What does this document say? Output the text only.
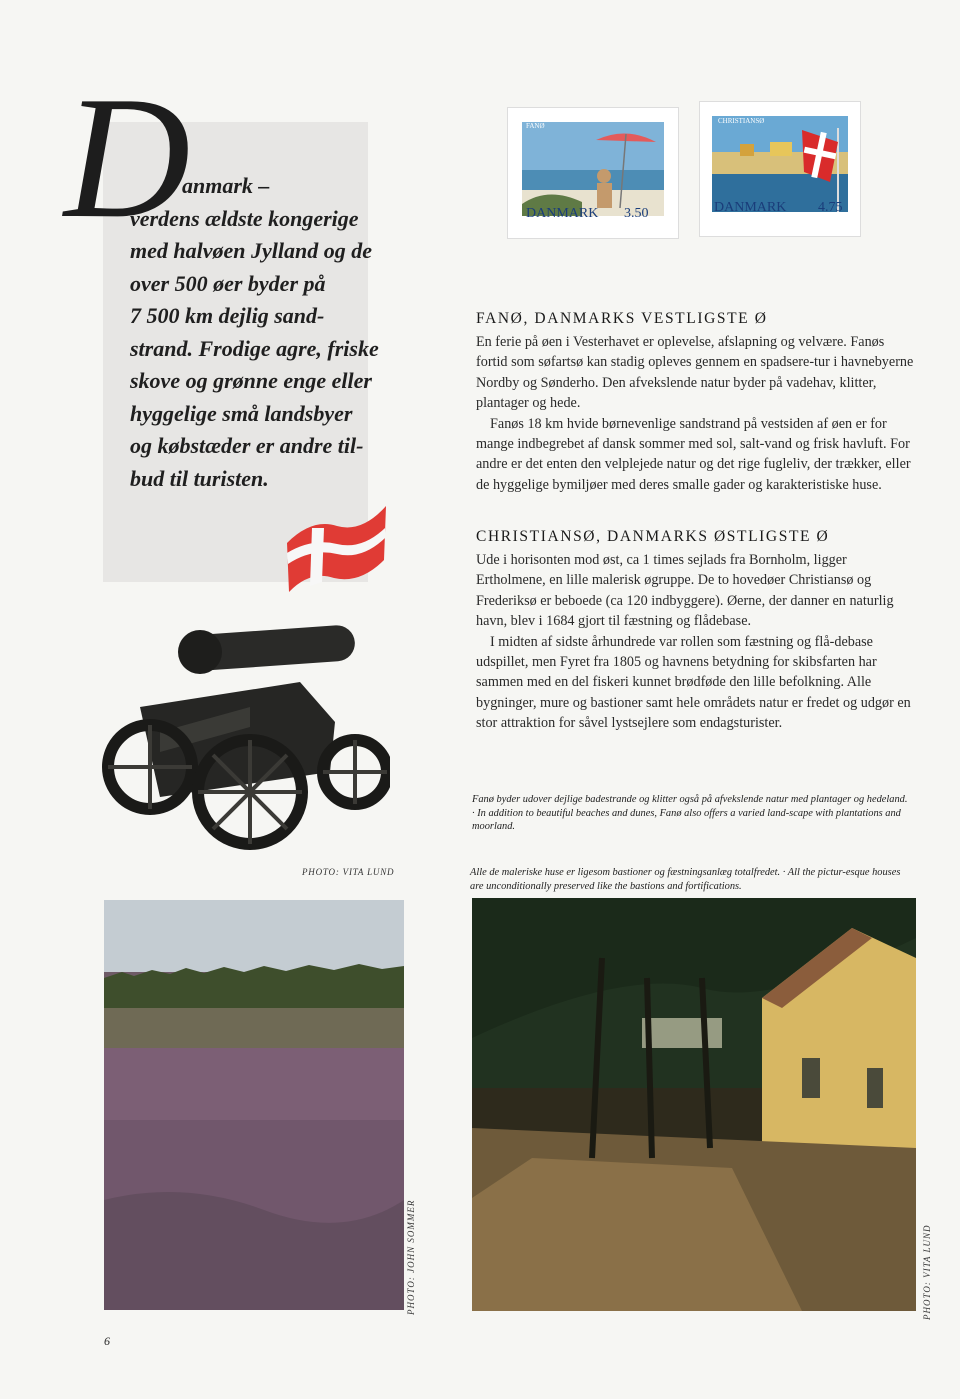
D
anmark –
verdens ældste kongerige
med halvøen Jylland og de
over 500 øer byder på
7 500 km dejlig sand-
strand. Frodige agre, friske
skove og grønne enge eller
hyggelige små landsbyer
og købstæder er andre til-
bud til turisten.
PHOTO: VITA LUND
FANØ
DANMARK 3.50
CHRISTIANSØ
DANMARK 4.75
FANØ, DANMARKS VESTLIGSTE Ø

En ferie på øen i Vesterhavet er oplevelse, afslapning og velvære. Fanøs fortid som søfartsø kan stadig opleves gennem en spadsere-tur i havnebyerne Nordby og Sønderho. Den afvekslende natur byder på vadehav, klitter, plantager og hede.

Fanøs 18 km hvide børnevenlige sandstrand på vestsiden af øen er for mange indbegrebet af dansk sommer med sol, salt-vand og frisk havluft. For andre er det enten den velplejede natur og det rige fugleliv, der trækker, eller de hyggelige bymiljøer med deres smalle gader og karakteristiske huse.

CHRISTIANSØ, DANMARKS ØSTLIGSTE Ø

Ude i horisonten mod øst, ca 1 times sejlads fra Bornholm, ligger Ertholmene, en lille malerisk øgruppe. De to hovedøer Christiansø og Frederiksø er beboede (ca 120 indbyggere). Øerne, der danner en naturlig havn, blev i 1684 gjort til fæstning og flådebase.

I midten af sidste århundrede var rollen som fæstning og flå-debase udspillet, men Fyret fra 1805 og havnens betydning for skibsfarten har sammen med en del fiskeri kunnet brødføde den lille befolkning. Alle bygninger, mure og bastioner samt hele områdets natur er fredet og udgør en stor attraktion for såvel lystsejlere som endagsturister.

Fanø byder udover dejlige badestrande og klitter også på afvekslende natur med plantager og hedeland. · In addition to beautiful beaches and dunes, Fanø also offers a varied land-scape with plantations and moorland.
Alle de maleriske huse er ligesom bastioner og fæstningsanlæg totalfredet. · All the pictur-esque houses are unconditionally preserved like the bastions and fortifications.
PHOTO: JOHN SOMMER	PHOTO: VITA LUND
6
